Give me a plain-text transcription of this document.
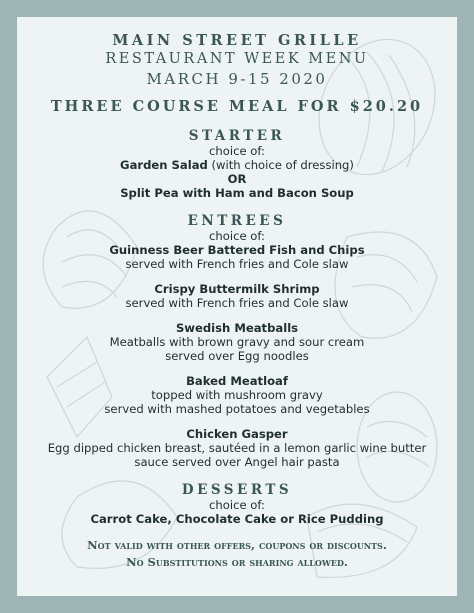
MAIN STREET GRILLE
RESTAURANT WEEK MENU
MARCH 9-15 2020
THREE COURSE MEAL FOR $20.20
STARTER
choice of:
Garden Salad (with choice of dressing)
OR
Split Pea with Ham and Bacon Soup
ENTREES
choice of:
Guinness Beer Battered Fish and Chips
served with French fries and Cole slaw
Crispy Buttermilk Shrimp
served with French fries and Cole slaw
Swedish Meatballs
Meatballs with brown gravy and sour cream
served over Egg noodles
Baked Meatloaf
topped with mushroom gravy
served with mashed potatoes and vegetables
Chicken Gasper
Egg dipped chicken breast, sautéed in a lemon garlic wine butter
sauce served over Angel hair pasta
DESSERTS
choice of:
Carrot Cake, Chocolate Cake or Rice Pudding
Not valid with other offers, coupons or discounts.
No Substitutions or sharing allowed.
